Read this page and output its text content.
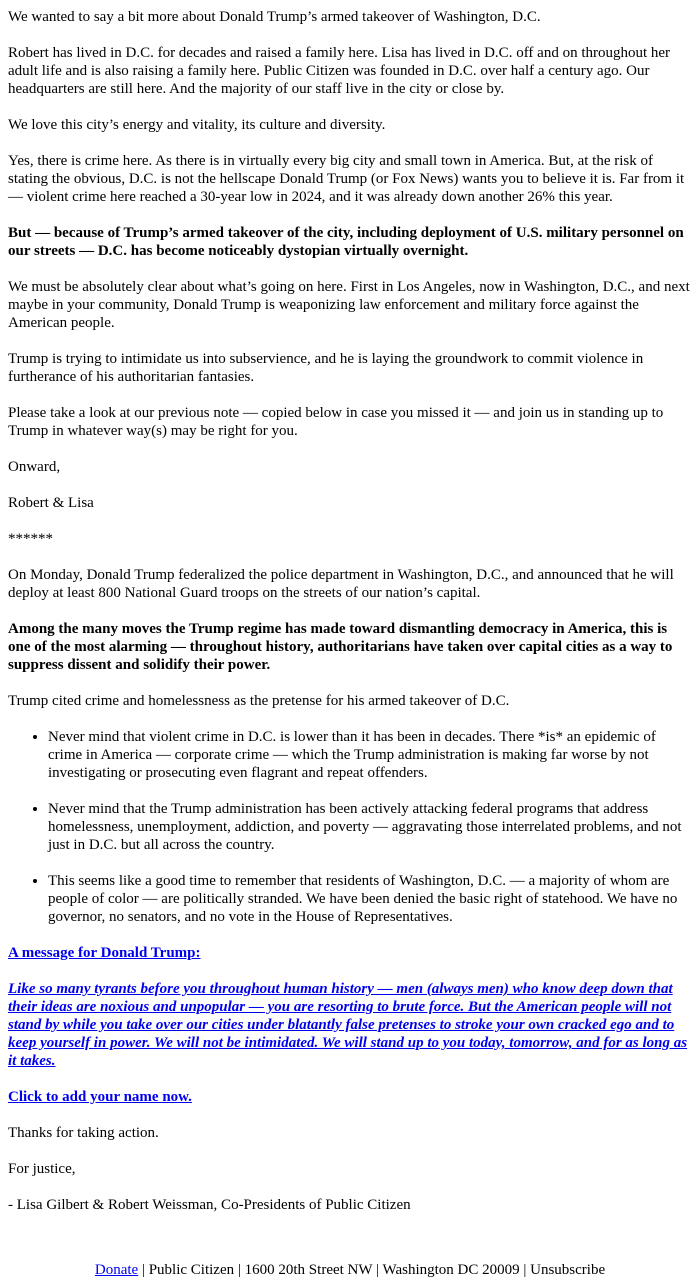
We wanted to say a bit more about Donald Trump’s armed takeover of Washington, D.C.

Robert has lived in D.C. for decades and raised a family here. Lisa has lived in D.C. off and on throughout her adult life and is also raising a family here. Public Citizen was founded in D.C. over half a century ago. Our headquarters are still here. And the majority of our staff live in the city or close by.

We love this city’s energy and vitality, its culture and diversity.

Yes, there is crime here. As there is in virtually every big city and small town in America. But, at the risk of stating the obvious, D.C. is not the hellscape Donald Trump (or Fox News) wants you to believe it is. Far from it — violent crime here reached a 30-year low in 2024, and it was already down another 26% this year.

But — because of Trump’s armed takeover of the city, including deployment of U.S. military personnel on our streets — D.C. has become noticeably dystopian virtually overnight.

We must be absolutely clear about what’s going on here. First in Los Angeles, now in Washington, D.C., and next maybe in your community, Donald Trump is weaponizing law enforcement and military force against the American people.

Trump is trying to intimidate us into subservience, and he is laying the groundwork to commit violence in furtherance of his authoritarian fantasies.

Please take a look at our previous note — copied below in case you missed it — and join us in standing up to Trump in whatever way(s) may be right for you.

Onward,

Robert & Lisa

******

On Monday, Donald Trump federalized the police department in Washington, D.C., and announced that he will deploy at least 800 National Guard troops on the streets of our nation’s capital.

Among the many moves the Trump regime has made toward dismantling democracy in America, this is one of the most alarming — throughout history, authoritarians have taken over capital cities as a way to suppress dissent and solidify their power.

Trump cited crime and homelessness as the pretense for his armed takeover of D.C.

• Never mind that violent crime in D.C. is lower than it has been in decades. There *is* an epidemic of crime in America — corporate crime — which the Trump administration is making far worse by not investigating or prosecuting even flagrant and repeat offenders.
• Never mind that the Trump administration has been actively attacking federal programs that address homelessness, unemployment, addiction, and poverty — aggravating those interrelated problems, and not just in D.C. but all across the country.
• This seems like a good time to remember that residents of Washington, D.C. — a majority of whom are people of color — are politically stranded. We have been denied the basic right of statehood. We have no governor, no senators, and no vote in the House of Representatives.

A message for Donald Trump:

Like so many tyrants before you throughout human history — men (always men) who know deep down that their ideas are noxious and unpopular — you are resorting to brute force. But the American people will not stand by while you take over our cities under blatantly false pretenses to stroke your own cracked ego and to keep yourself in power. We will not be intimidated. We will stand up to you today, tomorrow, and for as long as it takes.

Click to add your name now.

Thanks for taking action.

For justice,

- Lisa Gilbert & Robert Weissman, Co-Presidents of Public Citizen

Donate | Public Citizen | 1600 20th Street NW | Washington DC 20009 | Unsubscribe
